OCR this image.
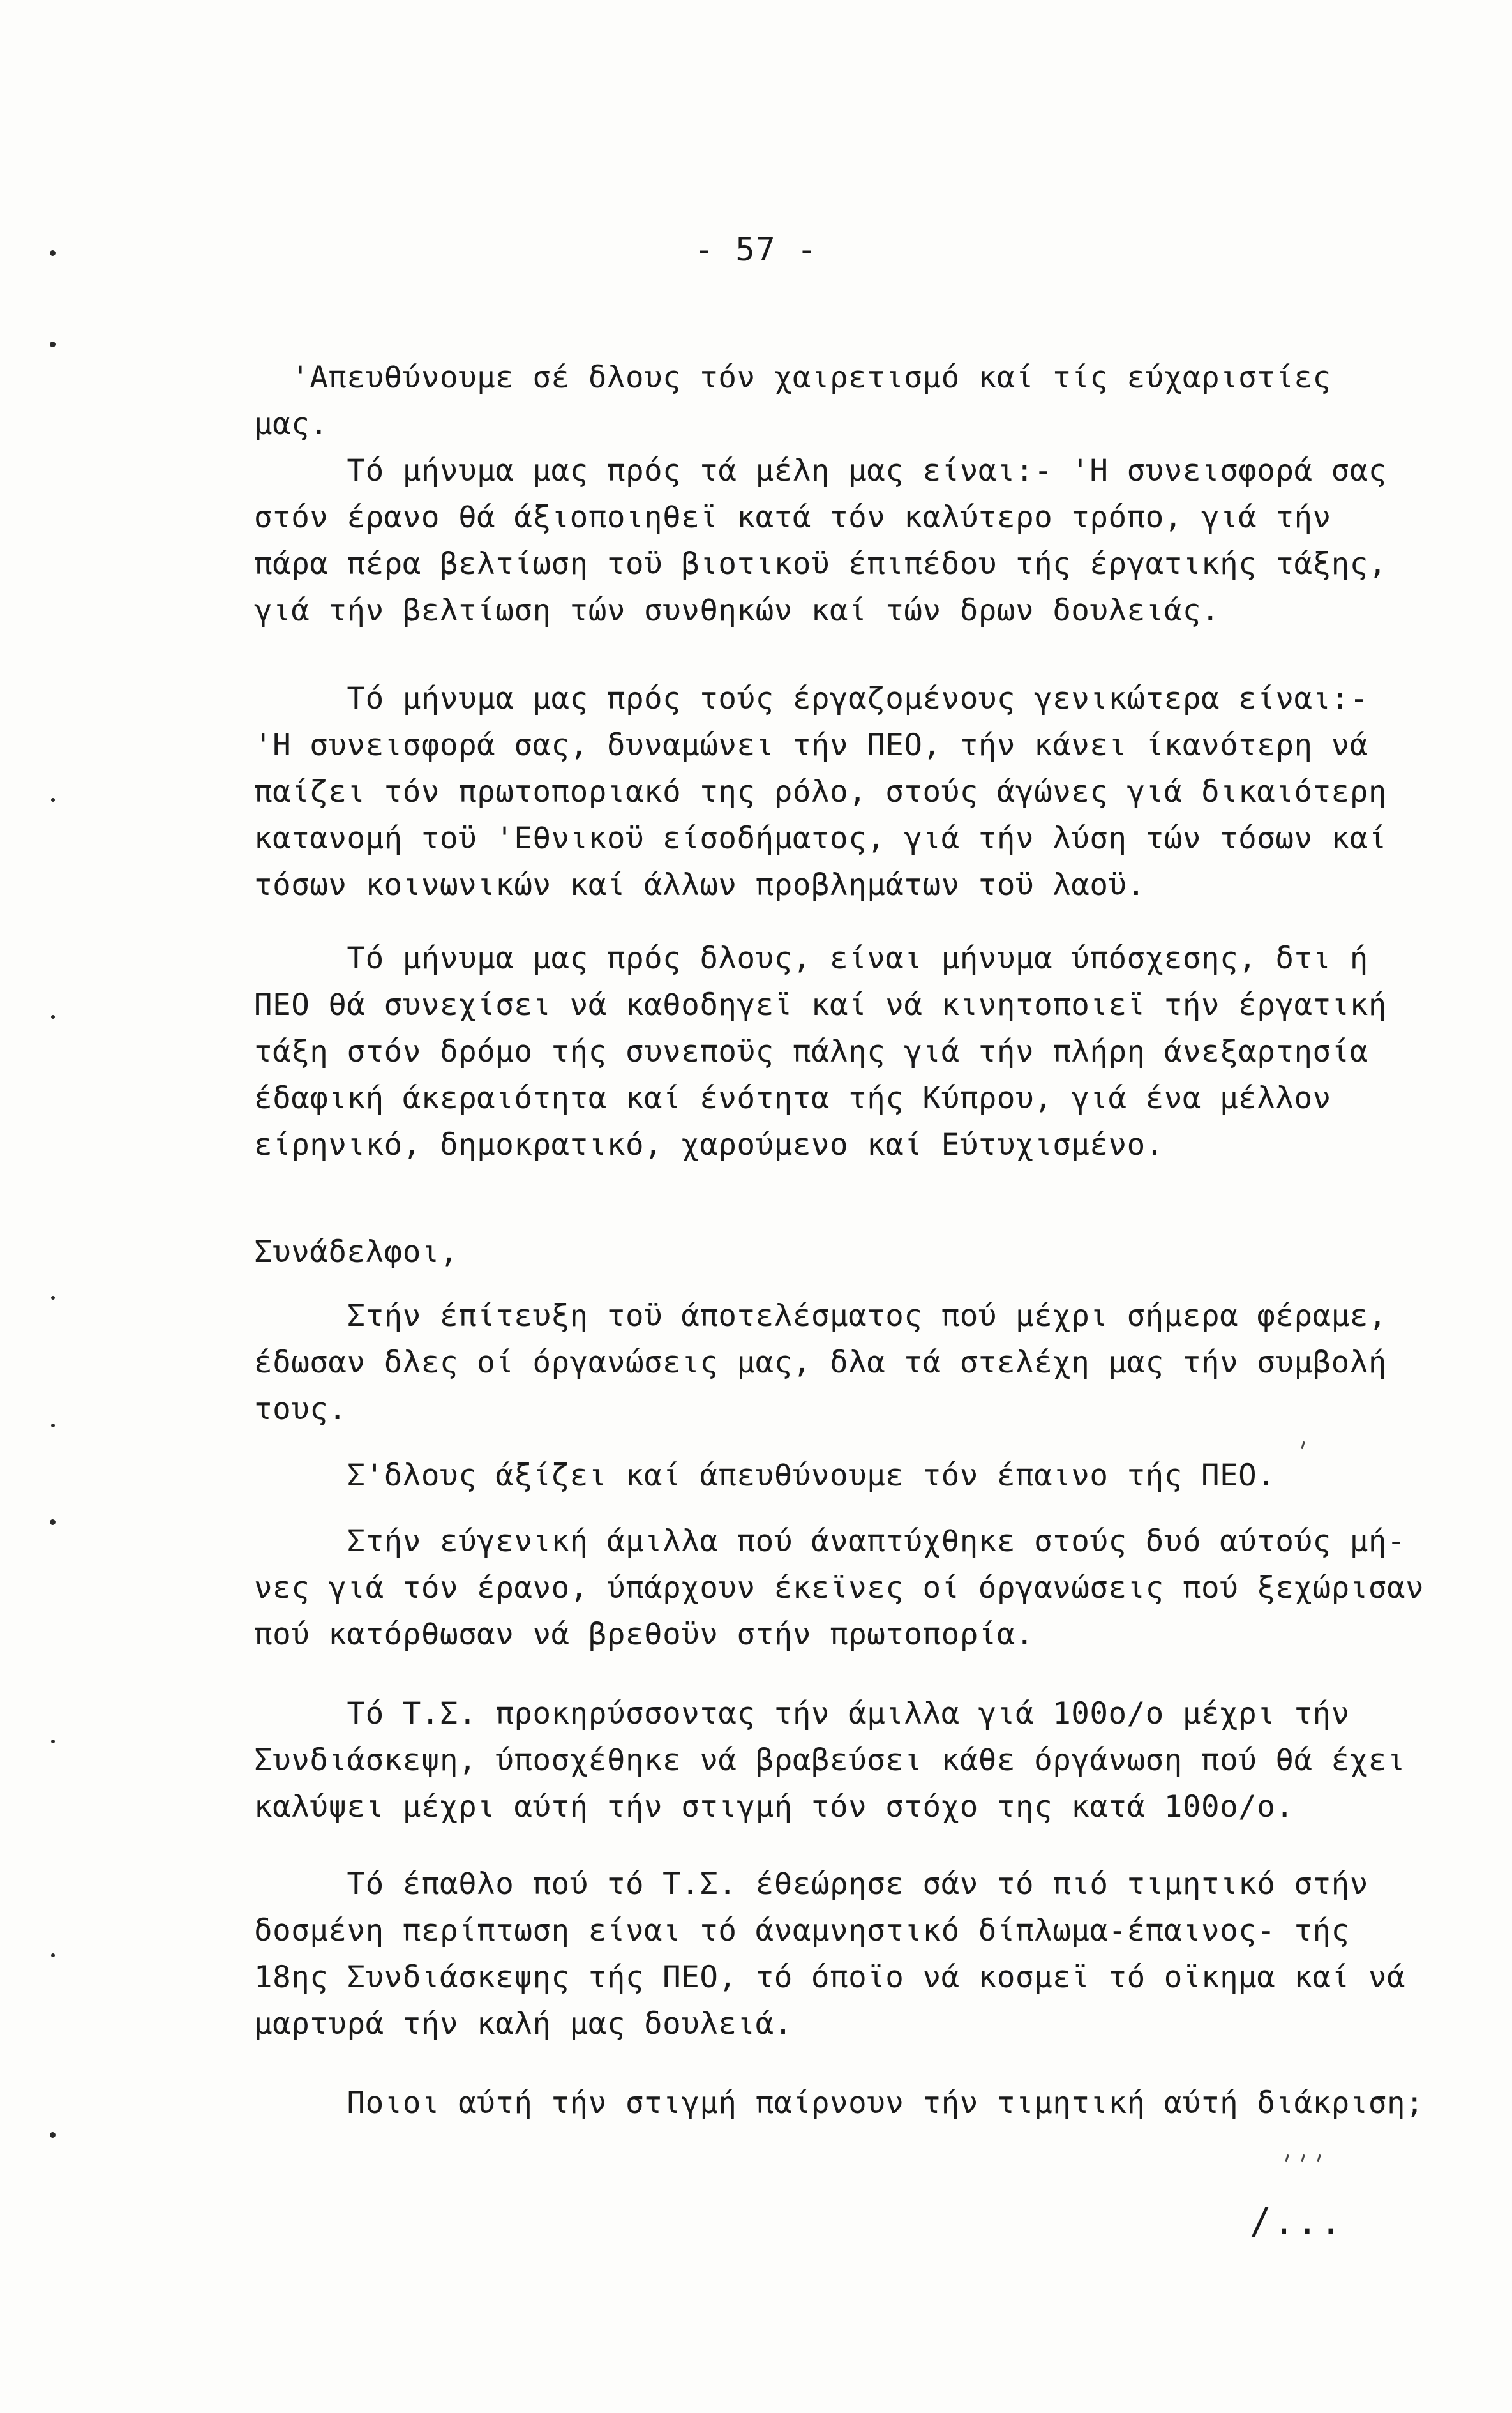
- 57 -
'Απευθύνουμε σέ δλους τόν χαιρετισμό καί τίς εύχαριστίες
μας.
Τό μήνυμα μας πρός τά μέλη μας είναι:- 'Η συνεισφορά σας
στόν έρανο θά άξιοποιηθεϊ κατά τόν καλύτερο τρόπο, γιά τήν
πάρα πέρα βελτίωση τοϋ βιοτικοϋ έπιπέδου τής έργατικής τάξης,
γιά τήν βελτίωση τών συνθηκών καί τών δρων δουλειάς.
Τό μήνυμα μας πρός τούς έργαζομένους γενικώτερα είναι:-
'Η συνεισφορά σας, δυναμώνει τήν ΠΕΟ, τήν κάνει ίκανότερη νά
παίζει τόν πρωτοποριακό της ρόλο, στούς άγώνες γιά δικαιότερη
κατανομή τοϋ 'Εθνικοϋ είσοδήματος, γιά τήν λύση τών τόσων καί
τόσων κοινωνικών καί άλλων προβλημάτων τοϋ λαοϋ.
Τό μήνυμα μας πρός δλους, είναι μήνυμα ύπόσχεσης, δτι ή
ΠΕΟ θά συνεχίσει νά καθοδηγεϊ καί νά κινητοποιεϊ τήν έργατική
τάξη στόν δρόμο τής συνεποϋς πάλης γιά τήν πλήρη άνεξαρτησία
έδαφική άκεραιότητα καί ένότητα τής Κύπρου, γιά ένα μέλλον
είρηνικό, δημοκρατικό, χαρούμενο καί Εύτυχισμένο.
Συνάδελφοι,
Στήν έπίτευξη τοϋ άποτελέσματος πού μέχρι σήμερα φέραμε,
έδωσαν δλες οί όργανώσεις μας, δλα τά στελέχη μας τήν συμβολή
τους.
Σ'δλους άξίζει καί άπευθύνουμε τόν έπαινο τής ΠΕΟ.
Στήν εύγενική άμιλλα πού άναπτύχθηκε στούς δυό αύτούς μή-
νες γιά τόν έρανο, ύπάρχουν έκεϊνες οί όργανώσεις πού ξεχώρισαν
πού κατόρθωσαν νά βρεθοϋν στήν πρωτοπορία.
Τό Τ.Σ. προκηρύσσοντας τήν άμιλλα γιά 100ο/ο μέχρι τήν
Συνδιάσκεψη, ύποσχέθηκε νά βραβεύσει κάθε όργάνωση πού θά έχει
καλύψει μέχρι αύτή τήν στιγμή τόν στόχο της κατά 100ο/ο.
Τό έπαθλο πού τό Τ.Σ. έθεώρησε σάν τό πιό τιμητικό στήν
δοσμένη περίπτωση είναι τό άναμνηστικό δίπλωμα-έπαινος- τής
18ης Συνδιάσκεψης τής ΠΕΟ, τό όποϊο νά κοσμεϊ τό οϊκημα καί νά
μαρτυρά τήν καλή μας δουλειά.
Ποιοι αύτή τήν στιγμή παίρνουν τήν τιμητική αύτή διάκριση;
/...
